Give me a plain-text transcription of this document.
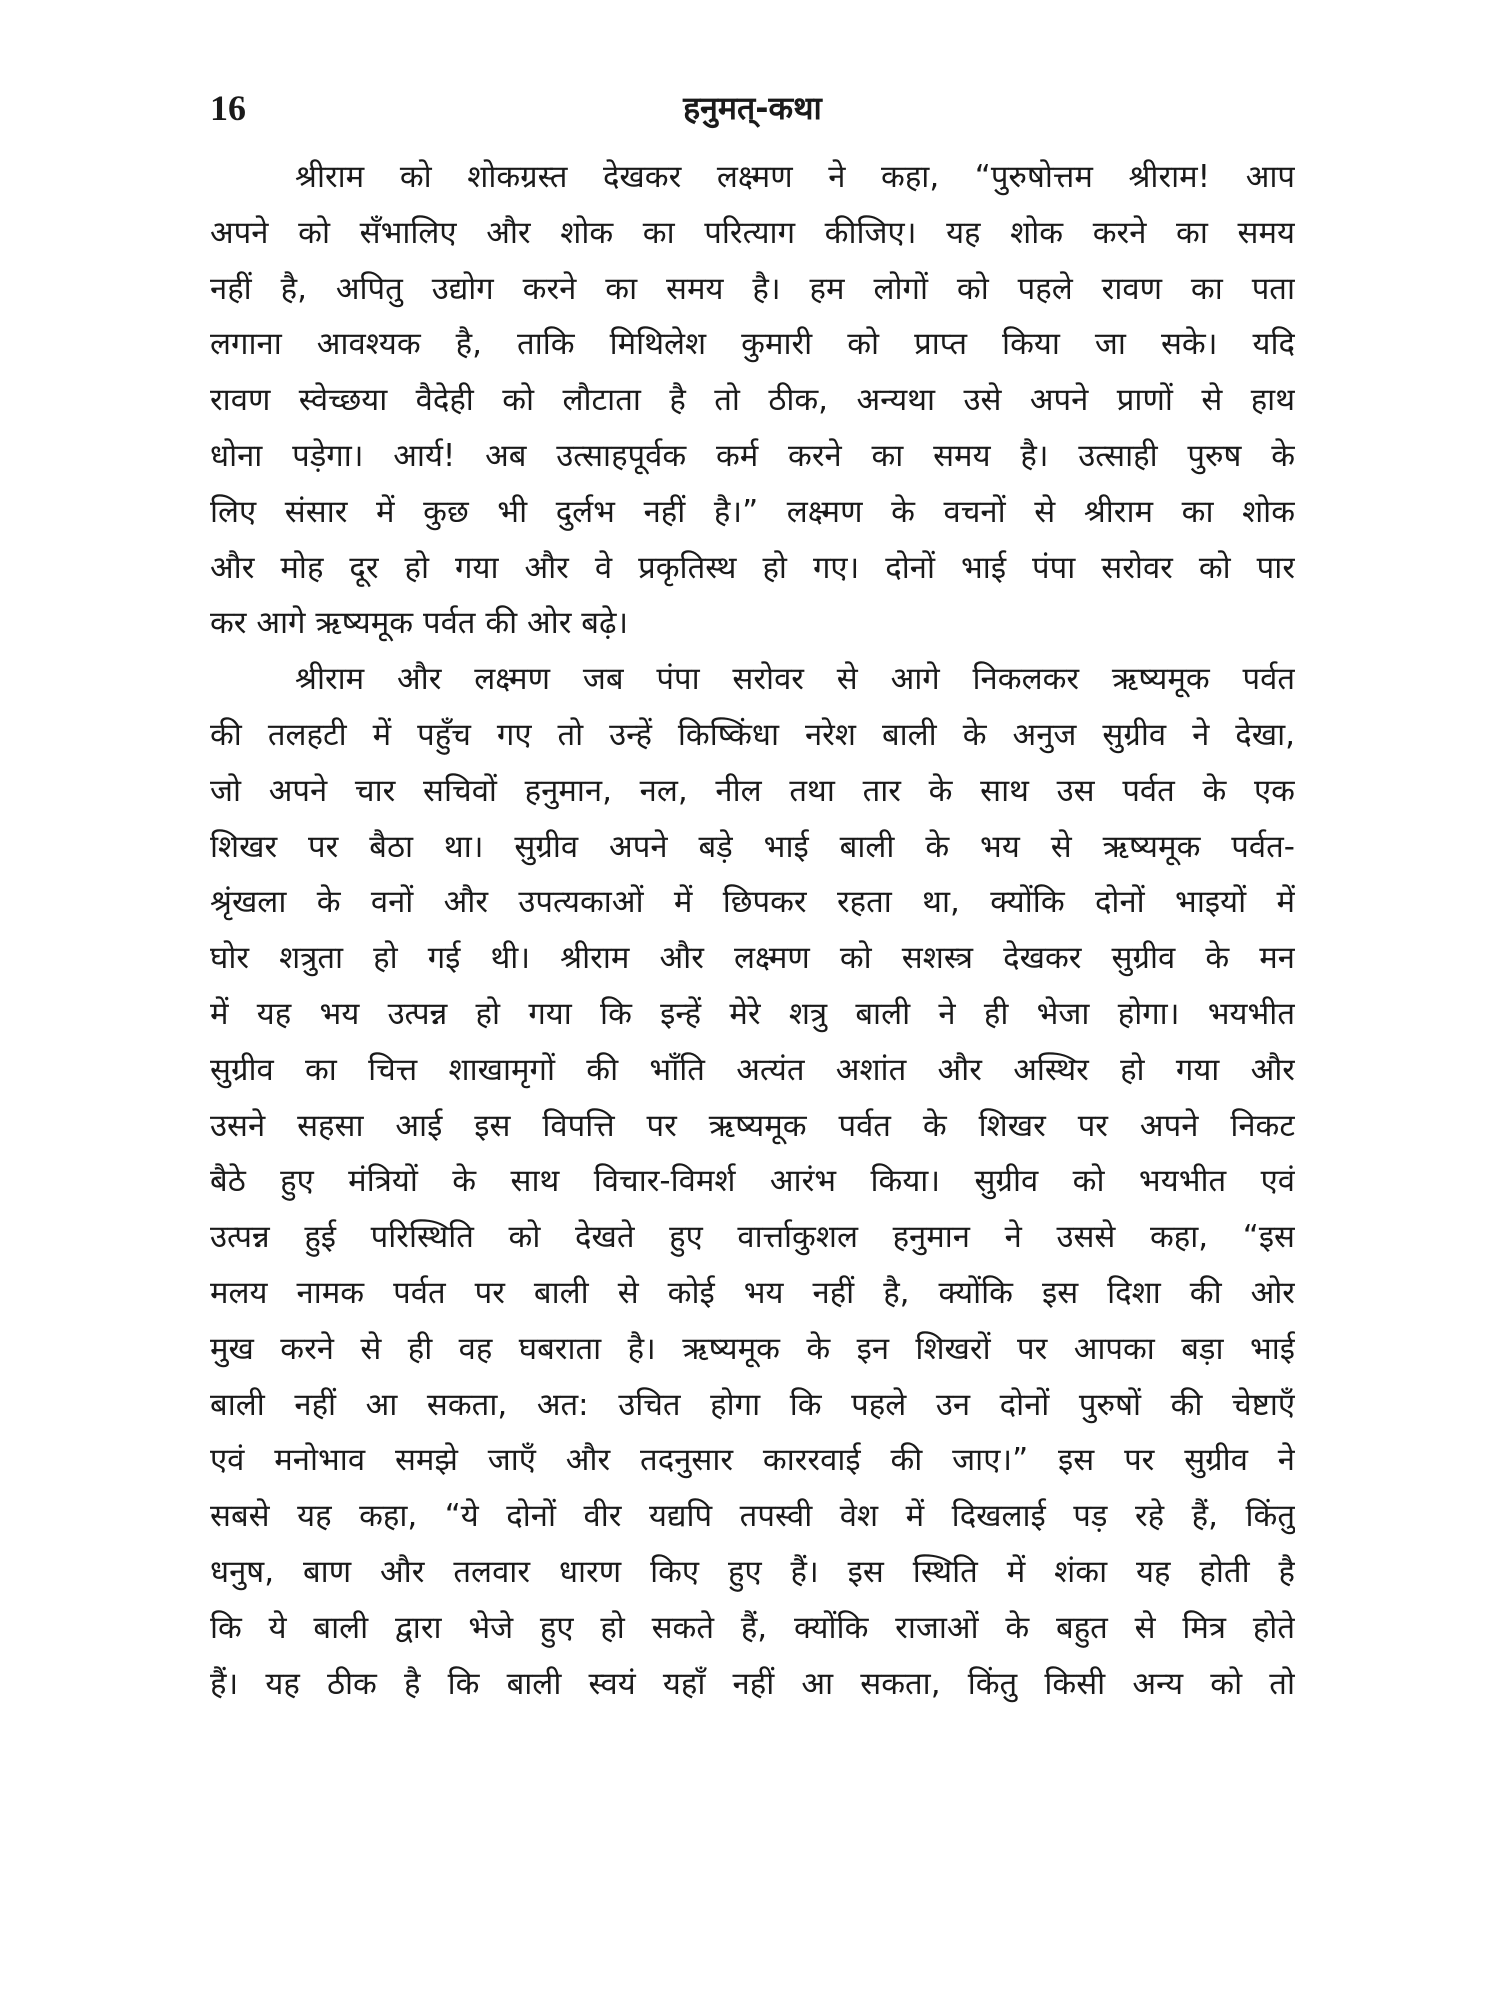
16	हनुमत्-कथा
श्रीराम को शोकग्रस्त देखकर लक्ष्मण ने कहा, “पुरुषोत्तम श्रीराम! आप
अपने को सँभालिए और शोक का परित्याग कीजिए। यह शोक करने का समय
नहीं है, अपितु उद्योग करने का समय है। हम लोगों को पहले रावण का पता
लगाना आवश्यक है, ताकि मिथिलेश कुमारी को प्राप्त किया जा सके। यदि
रावण स्वेच्छया वैदेही को लौटाता है तो ठीक, अन्यथा उसे अपने प्राणों से हाथ
धोना पड़ेगा। आर्य! अब उत्साहपूर्वक कर्म करने का समय है। उत्साही पुरुष के
लिए संसार में कुछ भी दुर्लभ नहीं है।” लक्ष्मण के वचनों से श्रीराम का शोक
और मोह दूर हो गया और वे प्रकृतिस्थ हो गए। दोनों भाई पंपा सरोवर को पार
कर आगे ऋष्यमूक पर्वत की ओर बढ़े।
श्रीराम और लक्ष्मण जब पंपा सरोवर से आगे निकलकर ऋष्यमूक पर्वत
की तलहटी में पहुँच गए तो उन्हें किष्किंधा नरेश बाली के अनुज सुग्रीव ने देखा,
जो अपने चार सचिवों हनुमान, नल, नील तथा तार के साथ उस पर्वत के एक
शिखर पर बैठा था। सुग्रीव अपने बड़े भाई बाली के भय से ऋष्यमूक पर्वत-
श्रृंखला के वनों और उपत्यकाओं में छिपकर रहता था, क्योंकि दोनों भाइयों में
घोर शत्रुता हो गई थी। श्रीराम और लक्ष्मण को सशस्त्र देखकर सुग्रीव के मन
में यह भय उत्पन्न हो गया कि इन्हें मेरे शत्रु बाली ने ही भेजा होगा। भयभीत
सुग्रीव का चित्त शाखामृगों की भाँति अत्यंत अशांत और अस्थिर हो गया और
उसने सहसा आई इस विपत्ति पर ऋष्यमूक पर्वत के शिखर पर अपने निकट
बैठे हुए मंत्रियों के साथ विचार-विमर्श आरंभ किया। सुग्रीव को भयभीत एवं
उत्पन्न हुई परिस्थिति को देखते हुए वार्त्ताकुशल हनुमान ने उससे कहा, “इस
मलय नामक पर्वत पर बाली से कोई भय नहीं है, क्योंकि इस दिशा की ओर
मुख करने से ही वह घबराता है। ऋष्यमूक के इन शिखरों पर आपका बड़ा भाई
बाली नहीं आ सकता, अत: उचित होगा कि पहले उन दोनों पुरुषों की चेष्टाएँ
एवं मनोभाव समझे जाएँ और तदनुसार काररवाई की जाए।” इस पर सुग्रीव ने
सबसे यह कहा, “ये दोनों वीर यद्यपि तपस्वी वेश में दिखलाई पड़ रहे हैं, किंतु
धनुष, बाण और तलवार धारण किए हुए हैं। इस स्थिति में शंका यह होती है
कि ये बाली द्वारा भेजे हुए हो सकते हैं, क्योंकि राजाओं के बहुत से मित्र होते
हैं। यह ठीक है कि बाली स्वयं यहाँ नहीं आ सकता, किंतु किसी अन्य को तो
